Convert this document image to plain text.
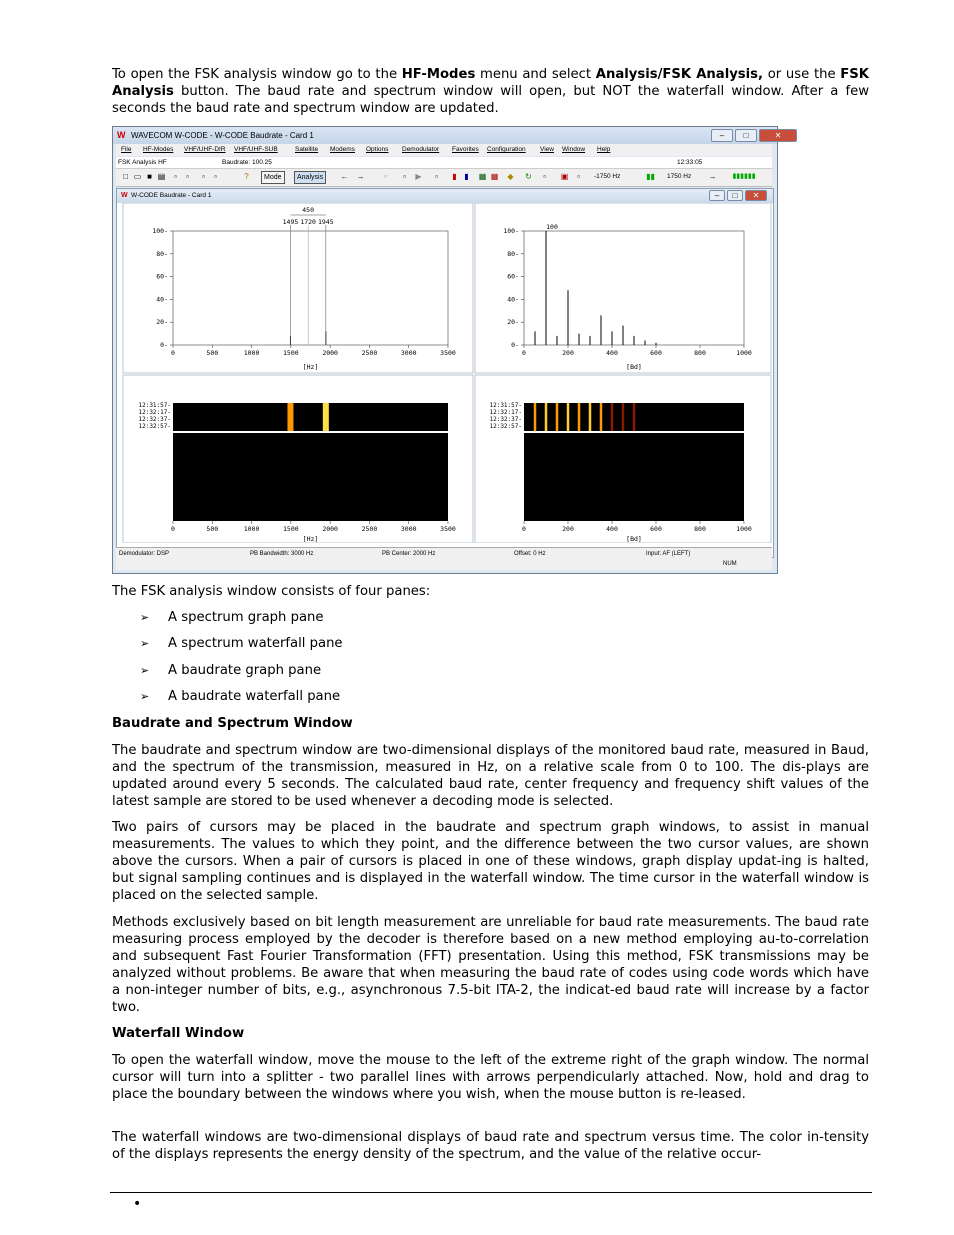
To open the FSK analysis window go to the HF-Modes menu and select Analysis/FSK Analysis, or use the FSK Analysis button. The baud rate and spectrum window will open, but NOT the waterfall window. After a few seconds the baud rate and spectrum window are updated.

W WAVECOM W-CODE - W-CODE Baudrate - Card 1	–	□	✕
File HF-Modes VHF/UHF-DIR VHF/UHF-SUB	Satellite Modems Options Demodulator Favorites Configuration View Window Help
FSK Analysis HF	Baudrate: 100.25	12:33:05
□ ▭ ■ ▤	▫	▫	▫	▫	?	Mode	Analysis	← →	▫	▫	▶	▫	▮ ▮ ▦ ▦ ◆ ↻	▫	▣	▫	-1750 Hz	▮▮ 1750 Hz →	▮▮▮▮▮▮
W W-CODE Baudrate - Card 1	–	□	✕
0-
20-
40-
60-
80-
100-
0	500	1000	1500	2000	2500	3000	3500
[Hz]
1495 1720 1945
450
0-
20-
40-
60-
80-
100-
0	200	400	600	800	1000
[Bd]
100
12:31:57-
12:32:17-
12:32:37-
12:32:57-
0	500	1000	1500	2000	2500	3000	3500
[Hz]
12:31:57-
12:32:17-
12:32:37-
12:32:57-
0	200	400	600	800	1000
[Bd]
Demodulator: DSP	PB Bandwidth: 3000 Hz	PB Center: 2000 Hz	Offset: 0 Hz	Input: AF (LEFT)
NUM

The FSK analysis window consists of four panes:

➢ A spectrum graph pane
➢ A spectrum waterfall pane
➢ A baudrate graph pane
➢ A baudrate waterfall pane

Baudrate and Spectrum Window

The baudrate and spectrum window are two-dimensional displays of the monitored baud rate, measured in Baud, and the spectrum of the transmission, measured in Hz, on a relative scale from 0 to 100. The dis-plays are updated around every 5 seconds. The calculated baud rate, center frequency and frequency shift values of the latest sample are stored to be used whenever a decoding mode is selected.

Two pairs of cursors may be placed in the baudrate and spectrum graph windows, to assist in manual measurements. The values to which they point, and the difference between the two cursor values, are shown above the cursors. When a pair of cursors is placed in one of these windows, graph display updat-ing is halted, but signal sampling continues and is displayed in the waterfall window. The time cursor in the waterfall window is placed on the selected sample.

Methods exclusively based on bit length measurement are unreliable for baud rate measurements. The baud rate measuring process employed by the decoder is therefore based on a new method employing au-to-correlation and subsequent Fast Fourier Transformation (FFT) presentation. Using this method, FSK transmissions may be analyzed without problems. Be aware that when measuring the baud rate of codes using code words which have a non-integer number of bits, e.g., asynchronous 7.5-bit ITA-2, the indicat-ed baud rate will increase by a factor two.

Waterfall Window

To open the waterfall window, move the mouse to the left of the extreme right of the graph window. The normal cursor will turn into a splitter - two parallel lines with arrows perpendicularly attached. Now, hold and drag to place the boundary between the windows where you wish, when the mouse button is re-leased.

The waterfall windows are two-dimensional displays of baud rate and spectrum versus time. The color in-tensity of the displays represents the energy density of the spectrum, and the value of the relative occur-

•
